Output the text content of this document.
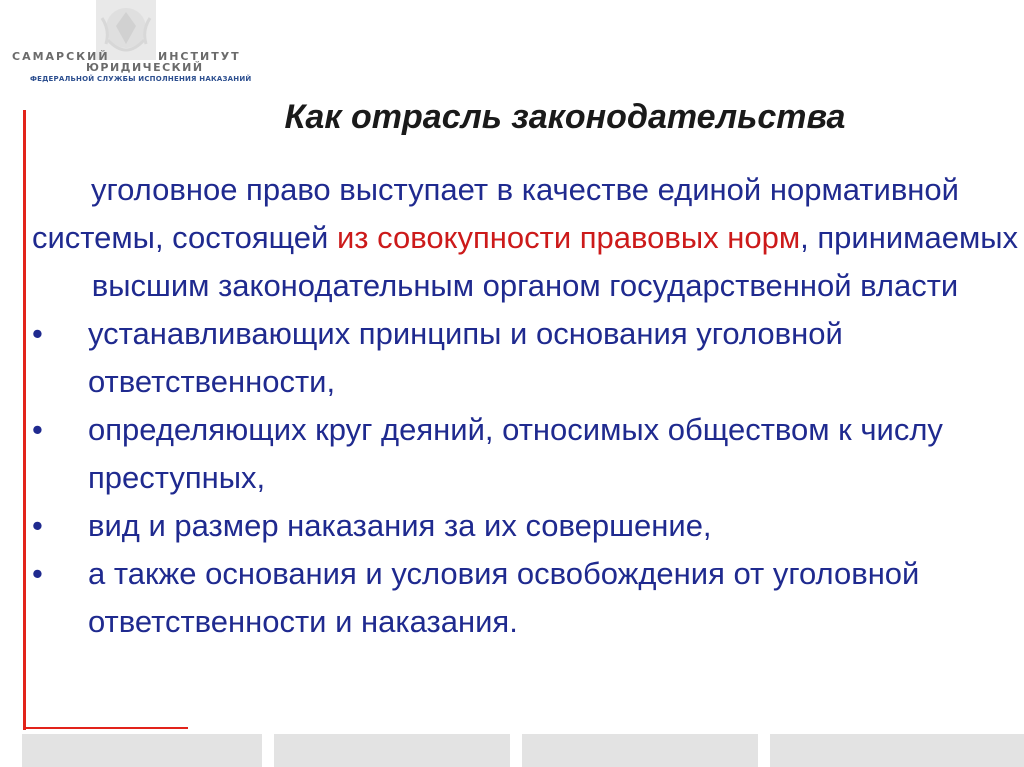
САМАРСКИЙ	ИНСТИТУТ
ЮРИДИЧЕСКИЙ
ФЕДЕРАЛЬНОЙ СЛУЖБЫ ИСПОЛНЕНИЯ НАКАЗАНИЙ
Как отрасль законодательства
уголовное право выступает в качестве единой нормативной системы, состоящей из совокупности правовых норм, принимаемых высшим законодательным органом государственной власти
• устанавливающих принципы и основания уголовной ответственности,
• определяющих круг деяний, относимых обществом к числу преступных,
• вид и размер наказания за их совершение,
• а также основания и условия освобождения от уголовной ответственности и наказания.
